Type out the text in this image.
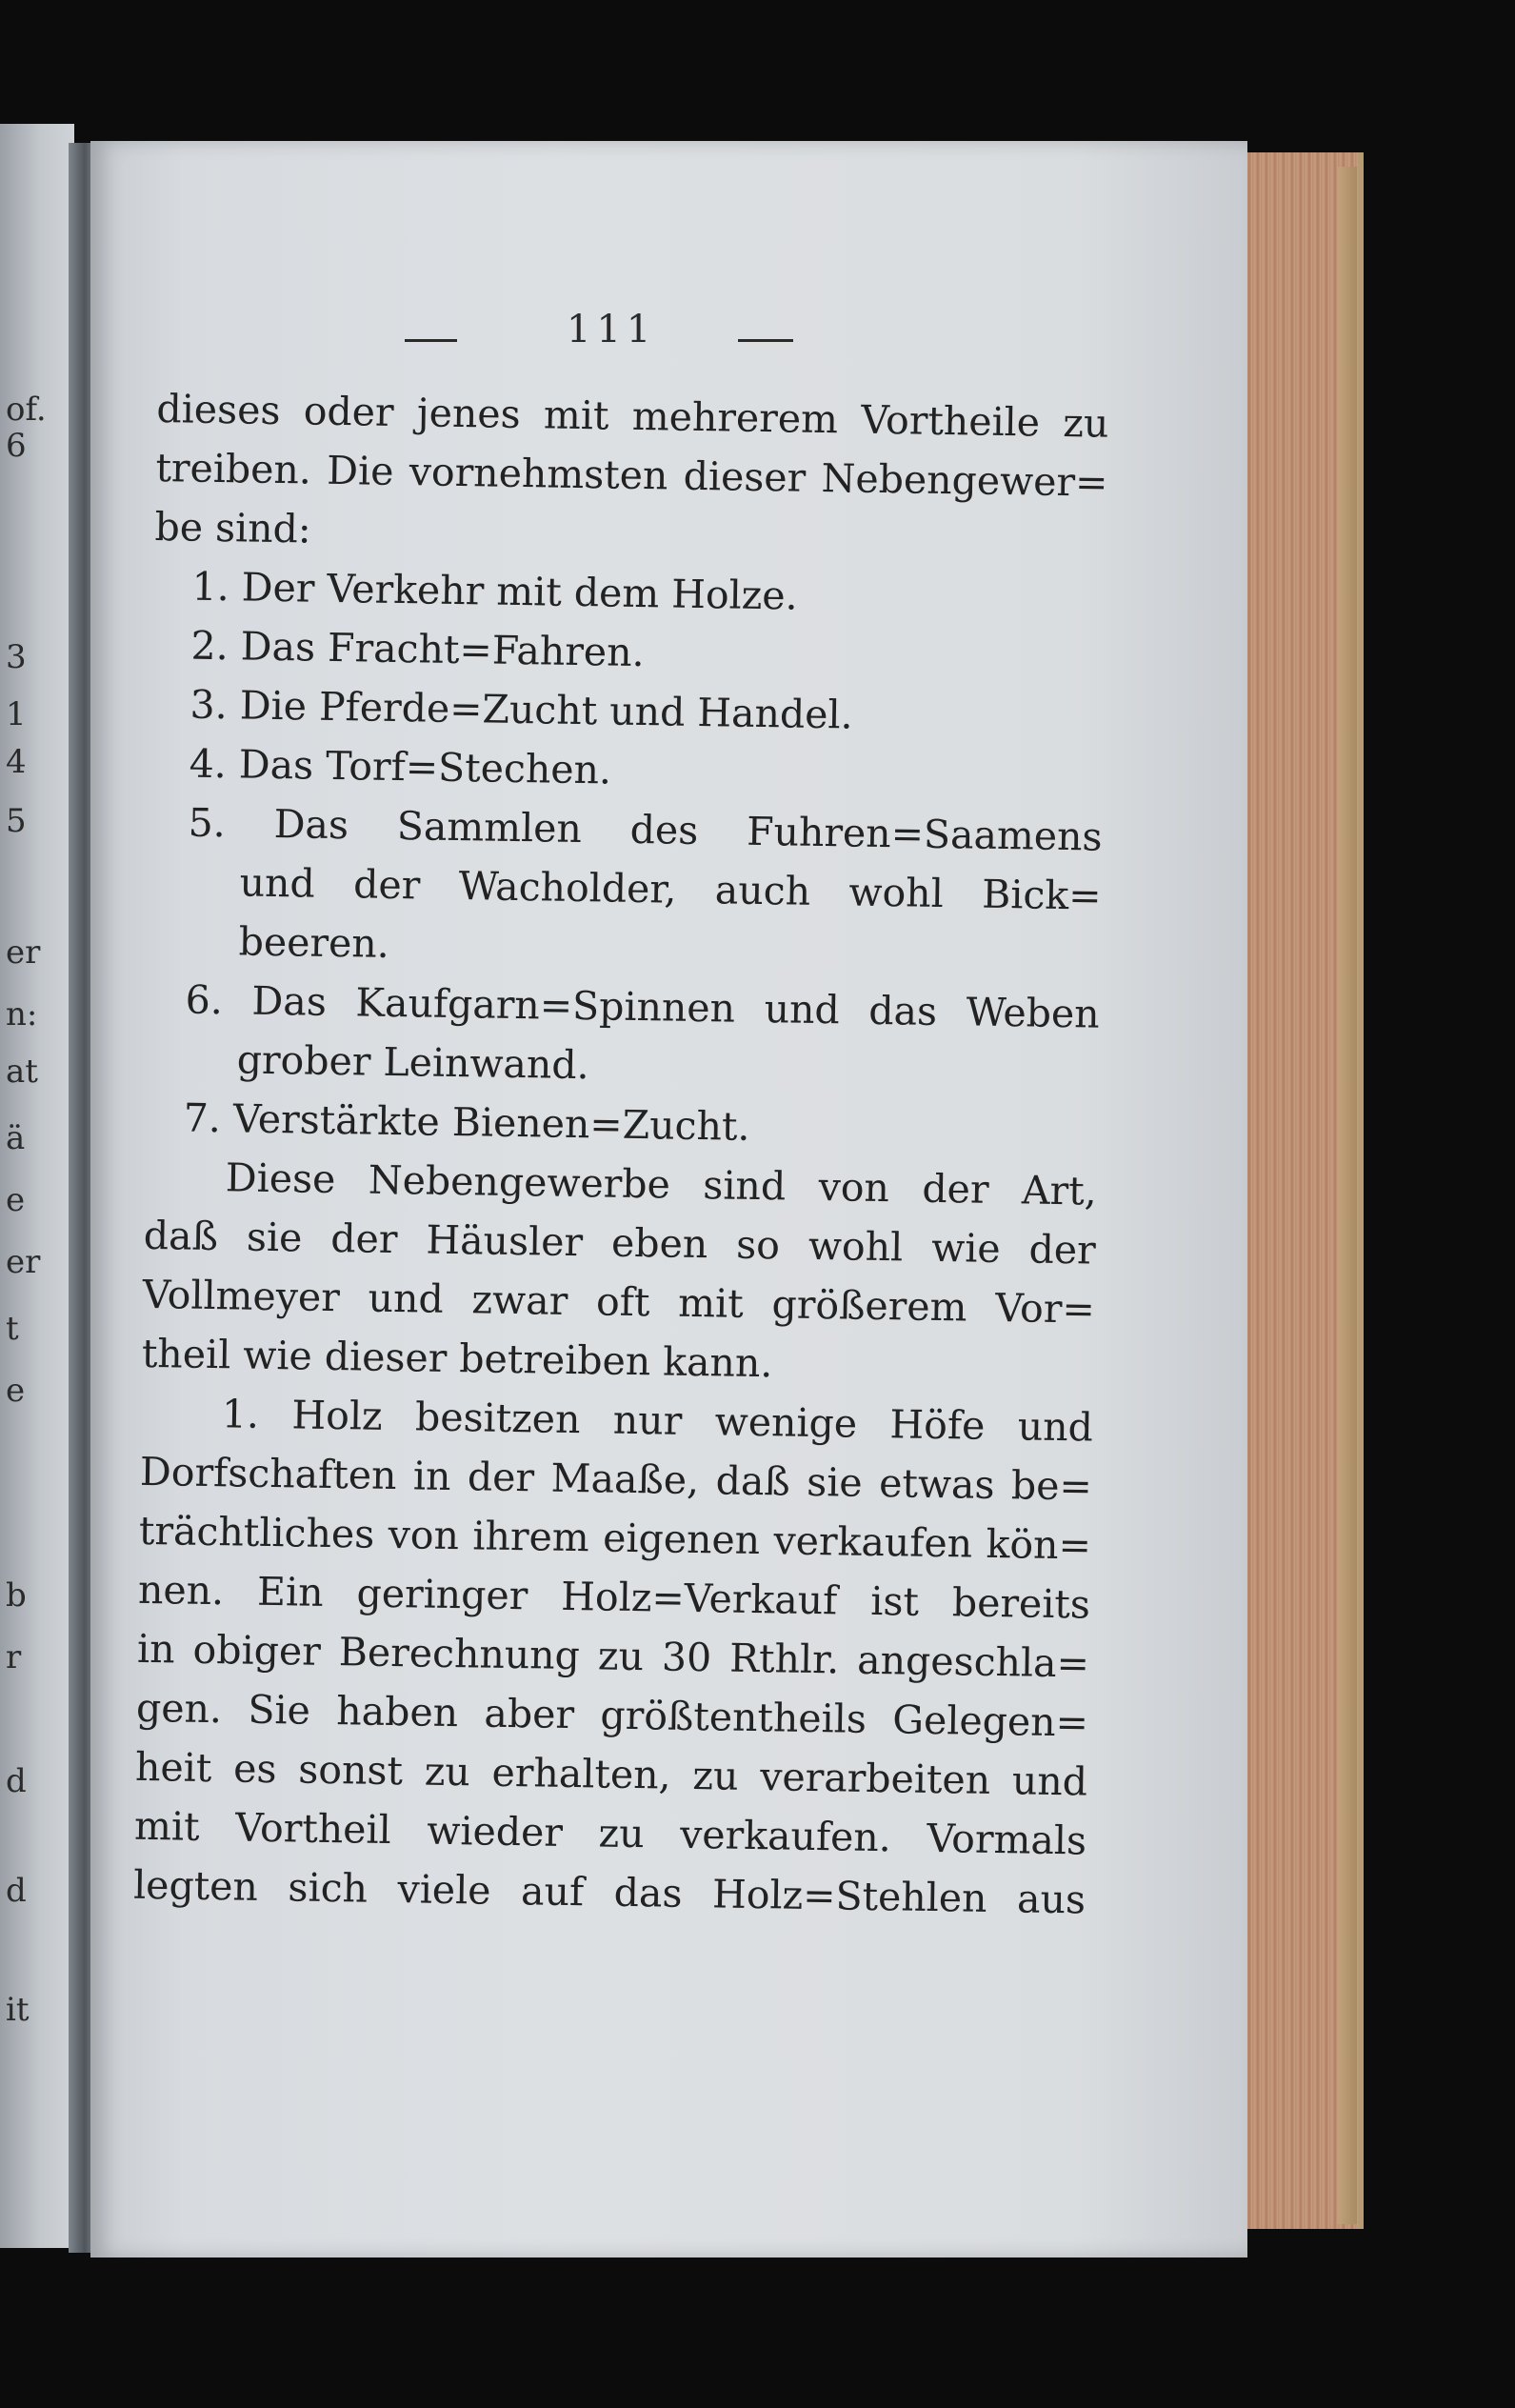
of.
6
3
1
4
5
er
n:
at
ä
e
er
t
e
b
r
d
d
it
111
dieses oder jenes mit mehrerem Vortheile zu
treiben. Die vornehmsten dieser Nebengewer=
be sind:
1. Der Verkehr mit dem Holze.
2. Das Fracht=Fahren.
3. Die Pferde=Zucht und Handel.
4. Das Torf=Stechen.
5. Das Sammlen des Fuhren=Saamens
und der Wacholder, auch wohl Bick=
beeren.
6. Das Kaufgarn=Spinnen und das Weben
grober Leinwand.
7. Verstärkte Bienen=Zucht.
Diese Nebengewerbe sind von der Art,
daß sie der Häusler eben so wohl wie der
Vollmeyer und zwar oft mit größerem Vor=
theil wie dieser betreiben kann.
1. Holz besitzen nur wenige Höfe und
Dorfschaften in der Maaße, daß sie etwas be=
trächtliches von ihrem eigenen verkaufen kön=
nen. Ein geringer Holz=Verkauf ist bereits
in obiger Berechnung zu 30 Rthlr. angeschla=
gen. Sie haben aber größtentheils Gelegen=
heit es sonst zu erhalten, zu verarbeiten und
mit Vortheil wieder zu verkaufen. Vormals
legten sich viele auf das Holz=Stehlen aus
